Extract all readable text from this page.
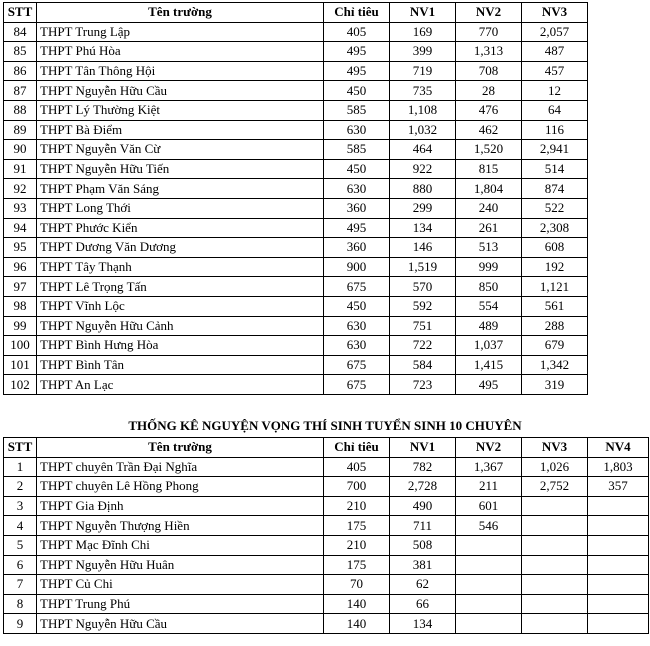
STT	Tên trường	Chỉ tiêu	NV1	NV2	NV3
84	THPT Trung Lập	405	169	770	2,057
85	THPT Phú Hòa	495	399	1,313	487
86	THPT Tân Thông Hội	495	719	708	457
87	THPT Nguyễn Hữu Cầu	450	735	28	12
88	THPT Lý Thường Kiệt	585	1,108	476	64
89	THPT Bà Điểm	630	1,032	462	116
90	THPT Nguyễn Văn Cừ	585	464	1,520	2,941
91	THPT Nguyễn Hữu Tiến	450	922	815	514
92	THPT Phạm Văn Sáng	630	880	1,804	874
93	THPT Long Thới	360	299	240	522
94	THPT Phước Kiển	495	134	261	2,308
95	THPT Dương Văn Dương	360	146	513	608
96	THPT Tây Thạnh	900	1,519	999	192
97	THPT Lê Trọng Tấn	675	570	850	1,121
98	THPT Vĩnh Lộc	450	592	554	561
99	THPT Nguyễn Hữu Cảnh	630	751	489	288
100	THPT Bình Hưng Hòa	630	722	1,037	679
101	THPT Bình Tân	675	584	1,415	1,342
102	THPT An Lạc	675	723	495	319
THỐNG KÊ NGUYỆN VỌNG THÍ SINH TUYỂN SINH 10 CHUYÊN
STT	Tên trường	Chỉ tiêu	NV1	NV2	NV3	NV4
1	THPT chuyên Trần Đại Nghĩa	405	782	1,367	1,026	1,803
2	THPT chuyên Lê Hồng Phong	700	2,728	211	2,752	357
3	THPT Gia Định	210	490	601		
4	THPT Nguyễn Thượng Hiền	175	711	546		
5	THPT Mạc Đĩnh Chi	210	508			
6	THPT Nguyễn Hữu Huân	175	381			
7	THPT Củ Chi	70	62			
8	THPT Trung Phú	140	66			
9	THPT Nguyễn Hữu Cầu	140	134			
